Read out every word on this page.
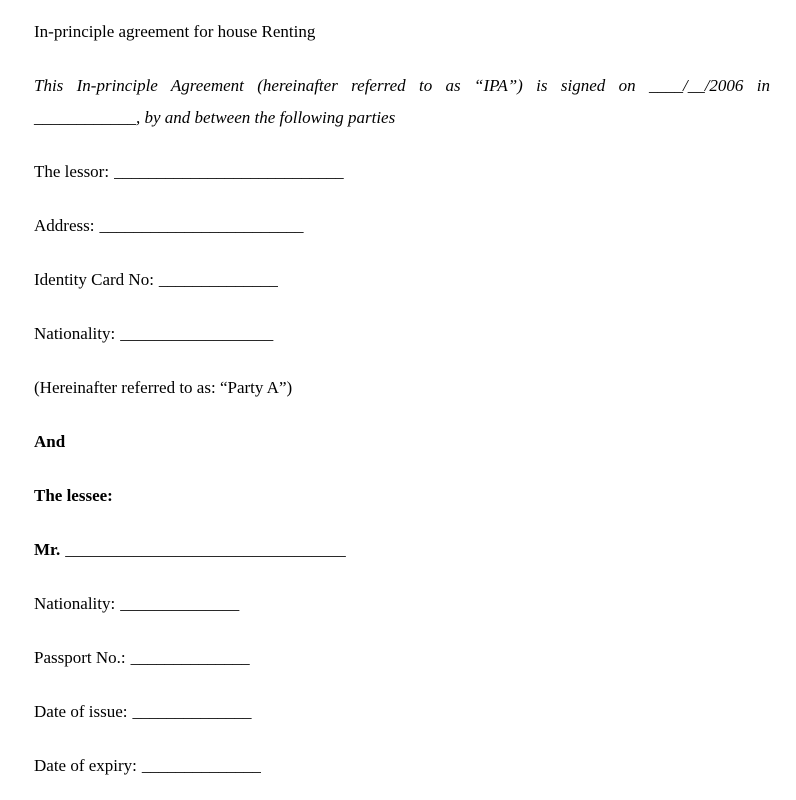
In-principle agreement for house Renting

This In-principle Agreement (hereinafter referred to as “IPA”) is signed on ____/__/2006 in
____________, by and between the following parties

The lessor: ___________________________

Address: ________________________

Identity Card No: ______________

Nationality: __________________

(Hereinafter referred to as: “Party A”)

And

The lessee:

Mr. _________________________________

Nationality: ______________

Passport No.: ______________

Date of issue: ______________

Date of expiry: ______________
